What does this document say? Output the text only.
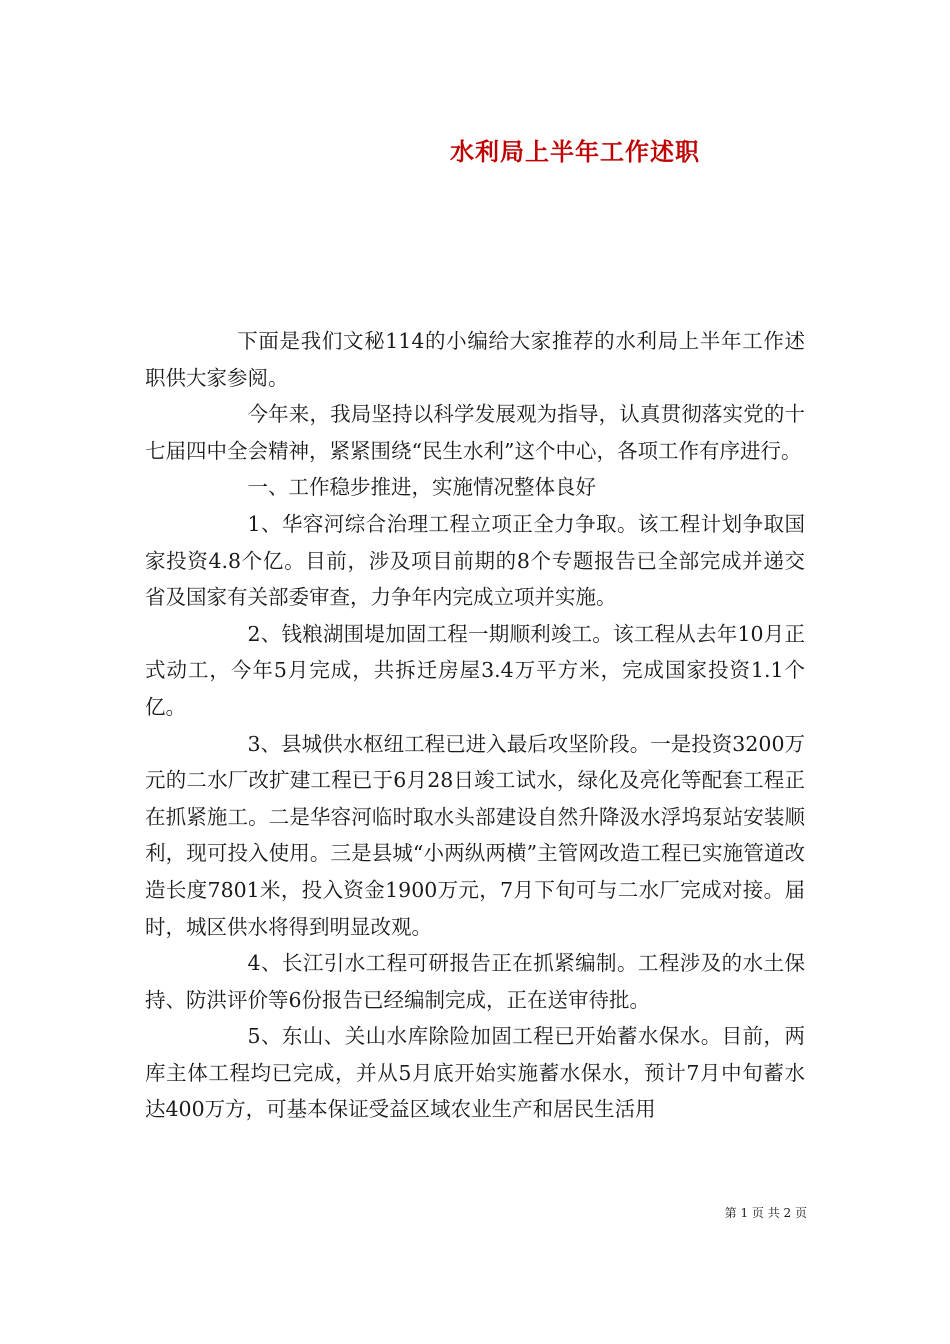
水利局上半年工作述职

下面是我们文秘114的小编给大家推荐的水利局上半年工作述职供大家参阅。

今年来，我局坚持以科学发展观为指导，认真贯彻落实党的十七届四中全会精神，紧紧围绕“民生水利”这个中心，各项工作有序进行。

一、工作稳步推进，实施情况整体良好

1、华容河综合治理工程立项正全力争取。该工程计划争取国家投资4.8个亿。目前，涉及项目前期的8个专题报告已全部完成并递交省及国家有关部委审查，力争年内完成立项并实施。

2、钱粮湖围堤加固工程一期顺利竣工。该工程从去年10月正式动工，今年5月完成，共拆迁房屋3.4万平方米，完成国家投资1.1个亿。

3、县城供水枢纽工程已进入最后攻坚阶段。一是投资3200万元的二水厂改扩建工程已于6月28日竣工试水，绿化及亮化等配套工程正在抓紧施工。二是华容河临时取水头部建设自然升降汲水浮坞泵站安装顺利，现可投入使用。三是县城“小两纵两横”主管网改造工程已实施管道改造长度7801米，投入资金1900万元，7月下旬可与二水厂完成对接。届时，城区供水将得到明显改观。

4、长江引水工程可研报告正在抓紧编制。工程涉及的水土保持、防洪评价等6份报告已经编制完成，正在送审待批。

5、东山、关山水库除险加固工程已开始蓄水保水。目前，两库主体工程均已完成，并从5月底开始实施蓄水保水，预计7月中旬蓄水达400万方，可基本保证受益区域农业生产和居民生活用

第 1 页 共 2 页
